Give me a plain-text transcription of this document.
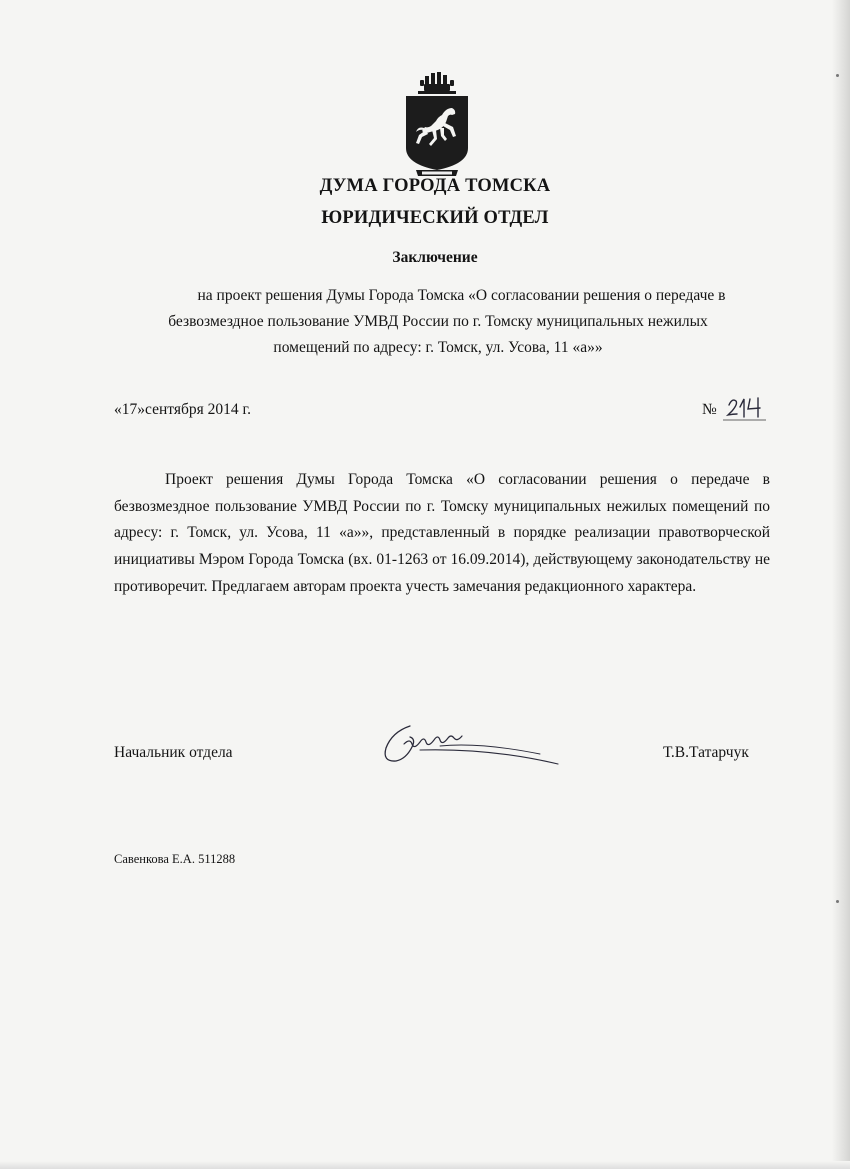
ДУМА ГОРОДА ТОМСКА
ЮРИДИЧЕСКИЙ ОТДЕЛ
Заключение
на проект решения Думы Города Томска «О согласовании решения о передаче в
безвозмездное пользование УМВД России по г. Томску муниципальных нежилых
помещений по адресу: г. Томск, ул. Усова, 11 «а»»
«17»сентября 2014 г.	№
Проект решения Думы Города Томска «О согласовании решения о передаче в безвозмездное пользование УМВД России по г. Томску муниципальных нежилых помещений по адресу: г. Томск, ул. Усова, 11 «а»», представленный в порядке реализации правотворческой инициативы Мэром Города Томска (вх. 01-1263 от 16.09.2014), действующему законодательству не противоречит. Предлагаем авторам проекта учесть замечания редакционного характера.
Начальник отдела	Т.В.Татарчук
Савенкова Е.А. 511288
